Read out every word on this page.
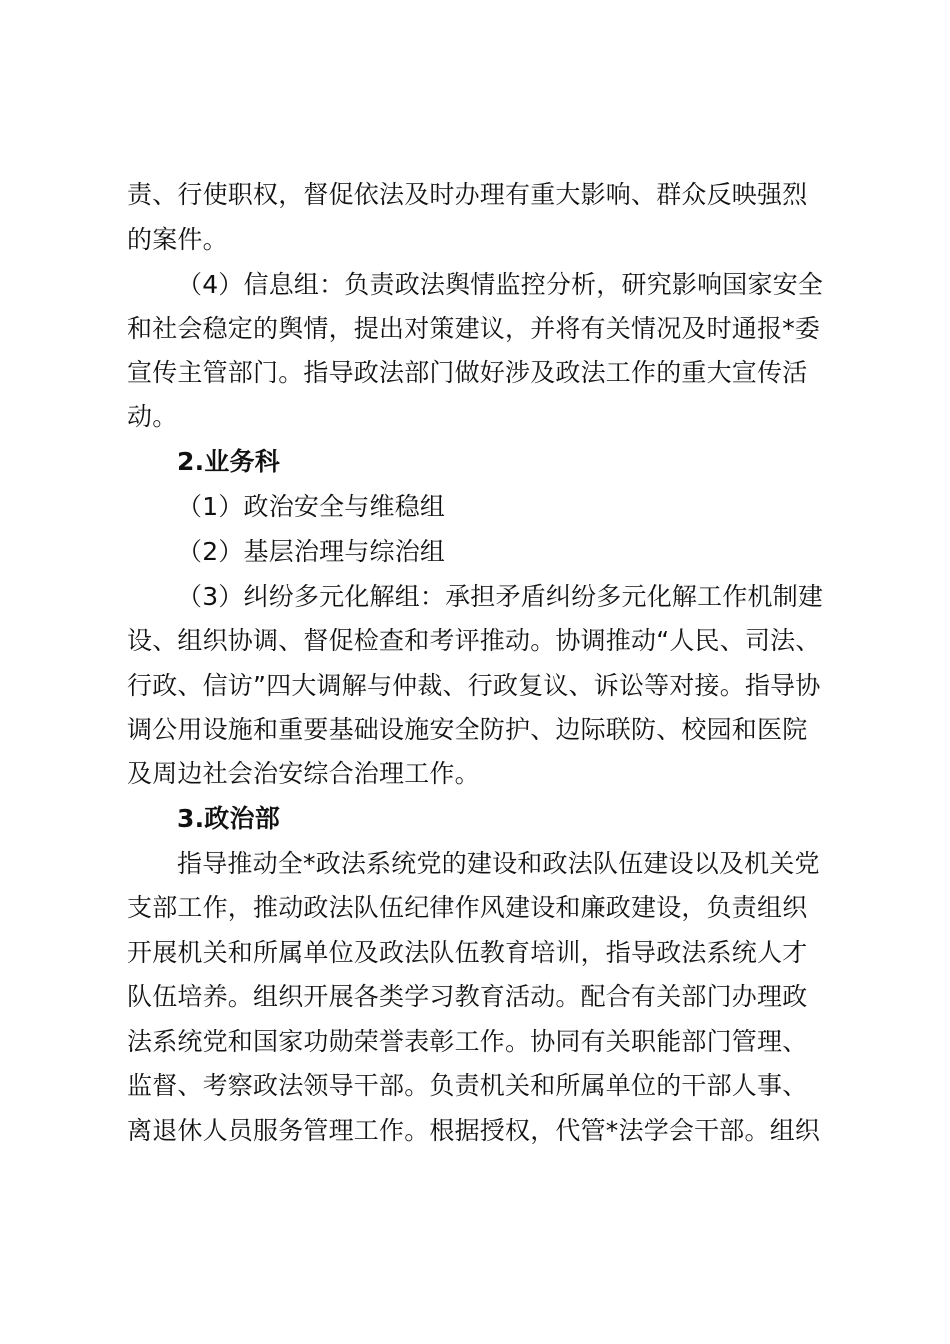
责、行使职权，督促依法及时办理有重大影响、群众反映强烈
的案件。
（4）信息组：负责政法舆情监控分析，研究影响国家安全
和社会稳定的舆情，提出对策建议，并将有关情况及时通报*委
宣传主管部门。指导政法部门做好涉及政法工作的重大宣传活
动。
2.业务科
（1）政治安全与维稳组
（2）基层治理与综治组
（3）纠纷多元化解组：承担矛盾纠纷多元化解工作机制建
设、组织协调、督促检查和考评推动。协调推动“人民、司法、
行政、信访”四大调解与仲裁、行政复议、诉讼等对接。指导协
调公用设施和重要基础设施安全防护、边际联防、校园和医院
及周边社会治安综合治理工作。
3.政治部
指导推动全*政法系统党的建设和政法队伍建设以及机关党
支部工作，推动政法队伍纪律作风建设和廉政建设，负责组织
开展机关和所属单位及政法队伍教育培训，指导政法系统人才
队伍培养。组织开展各类学习教育活动。配合有关部门办理政
法系统党和国家功勋荣誉表彰工作。协同有关职能部门管理、
监督、考察政法领导干部。负责机关和所属单位的干部人事、
离退休人员服务管理工作。根据授权，代管*法学会干部。组织
